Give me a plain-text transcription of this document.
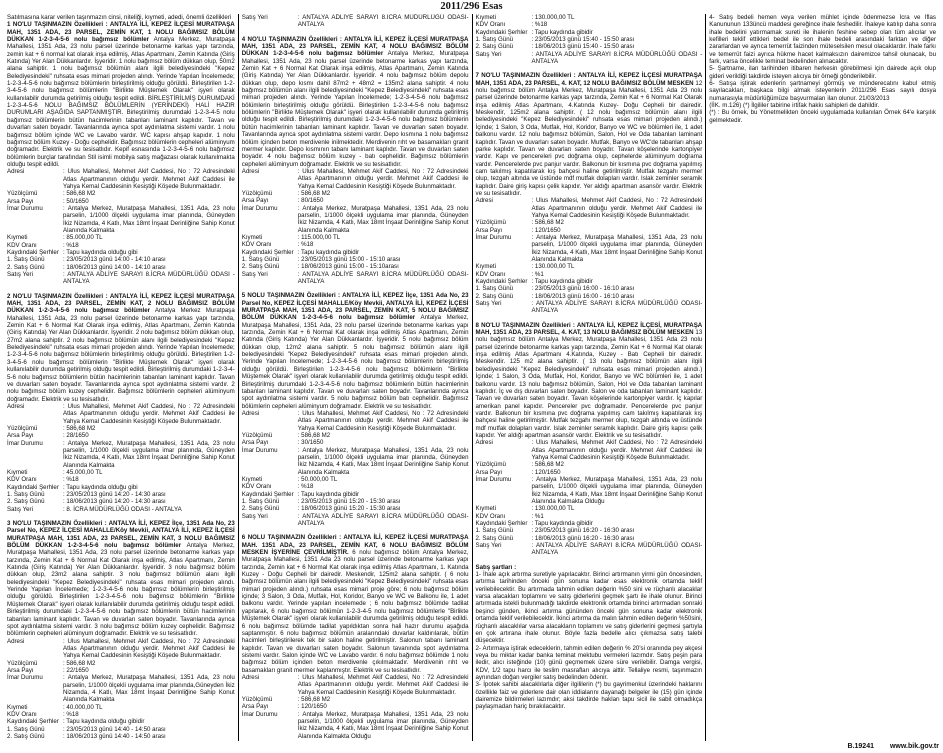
2011/296 Esas

Satılmasına karar verilen taşınmazın cinsi, niteliği, kıymeti, adedi, önemli özellikleri

1 NO'LU TAŞINMAZIN Özellikleri : ANTALYA İLİ, KEPEZ İLÇESİ MURATPAŞA MAH, 1351 ADA, 23 PARSEL, ZEMİN KAT, 1 NOLU BAĞIMSIZ BÖLÜM DÜKKAN 1-2-3-4-5-6 nolu bağımsız bölümler Antalya Merkez, Muratpaşa Mahallesi, 1351 Ada, 23 nolu parsel üzerinde betonarme karkas yapı tarzında, zemin kat + 6 normal kat olarak inşa edilmiş, Atlas Apartmanı, Zemin Katında (Giriş Katında) Yer Alan Dükkanlardır. İşyeridir. 1 nolu bağımsız bölüm dükkan olup, 50m2 alana sahiptir. 1 nolu bağımsız bölümün alanı ilgili belediyesindeki "Kepez Belediyesindeki" ruhsata esas mimari projeden alındı. Yerinde Yapılan İncelemede; 1-2-3-4-5-6 nolu bağımsız bölümlerin birleştirilmiş olduğu görüldü. Birleştirilen 1-2-3-4-5-6 nolu bağımsız bölümlerin "Birlikte Müştemek Olarak" işyeri olarak kullanılabilir durumda getirilmiş olduğu tespit edildi. BİRLEŞTİRİLMİŞ DURUMDAKİ 1-2-3-4-5-6 NOLU BAĞIMSIZ BÖLÜMLERİN (YERİNDEKİ) HALİ HAZIR DURUMLARI AŞAĞIDA SAPTANMIŞTIR. Birleştirilmiş durumdaki 1-2-3-4-5 nolu bağımsız bölümlerin bütün hacimlerinin tabanları laminant kaplıdır. Tavan ve duvarları saten boyadır. Tavanlarında ayrıca spot aydınlatma sistemi vardır. 1 nolu bağımsız bölüm içinde WC ve Lavabo vardır. WC kapısı ahşap kapıdır. 1 nolu bağımsız bölüm Kuzey - Doğu cephelidir. Bağımsız bölümlerin cepheleri alüminyum doğramadır. Elektrik ve su tesisatlıdır. Kepif esnasında 1-2-3-4-5-6 nolu bağımsız bölümlerin burçlar tarafından Stil isimli mobilya satış mağazası olarak kullanılmakta olduğu tespit edildi.

Adresi	: Ulus Mahallesi, Mehmet Akif Caddesi, No : 72 Adresindeki Atlas Apartmanının olduğu yerdir. Mehmet Akif Caddesi ile Yahya Kemal Caddesinin Kesiştiği Köşede Bulunmaktadır.
Yüzölçümü	: 586,68 M2
Arsa Payı	: 50/1650
İmar Durumu	: Antalya Merkez, Muratpaşa Mahallesi, 1351 Ada, 23 nolu parselin, 1/1000 ölçekli uygulama imar planında, Güneyden İkiz Nizamda, 4 Katlı, Max 18mt İnşaat Derinliğine Sahip Konut Alanında Kalmakta
Kıymeti	: 85.000,00 TL
KDV Oranı	: %18
Kaydındaki Şerhler : Tapu kaydında olduğu gibi
1. Satış Günü	: 23/05/2013 günü 14:00 - 14:10 arası
2. Satış Günü	: 18/06/2013 günü 14:00 - 14:10 arası
Satış Yeri	: ANTALYA ADLİYE SARAYI 8.İCRA MÜDÜRLÜĞÜ ODASI - ANTALYA

2 NO'LU TAŞINMAZIN Özellikleri : ANTALYA İLİ, KEPEZ İLÇESİ MURATPAŞA MAH, 1351 ADA, 23 PARSEL, ZEMİN KAT, 2 NOLU BAĞIMSIZ BÖLÜM DÜKKAN 1-2-3-4-5-6 nolu bağımsız bölümler Antalya Merkez Muratpaşa Mahallesi, 1351 Ada, 23 nolu parsel üzerinde betonarme karkas yapı tarzında, Zemin Kat + 6 Normal Kat Olarak inşa edilmiş, Atlas Apartmanı, Zemin Katında (Giriş Katında) Yer Alan Dükkanlardır. İşyeridir. 2 nolu bağımsız bölüm dükkan olup, 27m2 alana sahiptir. 2 nolu bağımsız bölümün alanı ilgili belediyesindeki "Kepez Belediyesindeki" ruhsata esas mimari projeden alındı. Yerinde Yapılan İncelemede; 1-2-3-4-5-6 nolu bağımsız bölümlerin birleştirilmiş olduğu görüldü. Birleştirilen 1-2-3-4-5-6 nolu bağımsız bölümlerin "Birlikte Müştemek Olarak" işyeri olarak kullanılabilir durumda getirilmiş olduğu tespit edildi. Birleştirilmiş durumdaki 1-2-3-4-5-6 nolu bağımsız bölümlerin bütün hacimlerinin tabanları laminant kaplıdır. Tavan ve duvarları saten boyadır. Tavanlarında ayrıca spot aydınlatma sistemi vardır. 2 nolu bağımsız bölüm kuzey cephelidir. Bağımsız bölümlerin cepheleri alüminyum doğramadır. Elektrik ve su tesisatlıdır.

Adresi	: Ulus Mahallesi, Mehmet Akif Caddesi, No : 72 Adresindeki Atlas Apartmanının olduğu yerdir. Mehmet Akif Caddesi ile Yahya Kemal Caddesinin Kesiştiği Köşede Bulunmaktadır.
Yüzölçümü	: 586,68 M2
Arsa Payı	: 28/1650
İmar Durumu	: Antalya Merkez, Muratpaşa Mahallesi, 1351 Ada, 23 nolu parselin, 1/1000 ölçekli uygulama imar planında, Güneyden İkiz Nizamda, 4 Katlı, Max 18mt İnşaat Derinliğine Sahip Konut Alanında Kalmakta
Kıymeti	: 45.000,00 TL
KDV Oranı	: %18
Kaydındaki Şerhler : Tapu kaydında olduğu gibi
1. Satış Günü	: 23/05/2013 günü 14:20 - 14:30 arası
2. Satış Günü	: 18/06/2013 günü 14:20 - 14:30 arası
Satış Yeri	: 8. İCRA MÜDÜRLÜĞÜ ODASI - ANTALYA

3 NO'LU TAŞINMAZIN Özellikleri : ANTALYA İLİ, KEPEZ İlçe, 1351 Ada No, 23 Parsel No, KEPEZ İLÇESİ MAHALLE/Köy Mevkii, ANTALYA İLİ, KEPEZ İLÇESİ MURATPAŞA MAH, 1351 ADA, 23 PARSEL, ZEMİN KAT, 3 NOLU BAĞIMSIZ BÖLÜM DÜKKAN 1-2-3-4-5-6 nolu bağımsız bölümler Antalya Merkez, Muratpaşa Mahallesi, 1351 Ada, 23 nolu parsel üzerinde betonarme karkas yapı tarzında, Zemin Kat + 6 Normal Kat Olarak inşa edilmiş, Atlas Apartmanı, Zemin Katında (Giriş Katında) Yer Alan Dükkanlardır. İşyeridir. 3 nolu bağımsız bölüm dükkan olup, 23m2 alana sahiptir. 3 nolu bağımsız bölümün alanı ilgili belediyesindeki "Kepez Belediyesindeki" ruhsata esas mimari projeden alındı. Yerinde Yapılan İncelemede; 1-2-3-4-5-6 nolu bağımsız bölümlerin birleştirilmiş olduğu görüldü. Birleştirilen 1-2-3-4-5-6 nolu bağımsız bölümlerin "Birlikte Müştemek Olarak" işyeri olarak kullanılabilir durumda getirilmiş olduğu tespit edildi. Birleştirilmiş durumdaki 1-2-3-4-5-6 nolu bağımsız bölümlerin bütün hacimlerinin tabanları laminant kaplıdır. Tavan ve duvarları saten boyadır. Tavanlarında ayrıca spot aydınlatma sistemi vardır. 3 nolu bağımsız bölüm kuzey cephelidir. Bağımsız bölümlerin cepheleri alüminyum doğramadır. Elektrik ve su tesisatlıdır.

Adresi	: Ulus Mahallesi, Mehmet Akif Caddesi, No : 72 Adresindeki Atlas Apartmanının olduğu yerdir. Mehmet Akif Caddesi ile Yahya Kemal Caddesinin Kesiştiği Köşede Bulunmaktadır.
Yüzölçümü	: 586,68 M2
Arsa Payı	: 22/1650
İmar Durumu	: Antalya Merkez, Muratpaşa Mahallesi, 1351 Ada, 23 nolu parselin, 1/1000 ölçekli uygulama imar planında,Güneyden İkiz Nizamda, 4 Katlı, Max 18mt İnşaat Derinliğine Sahip Konut Alanında Kalmakta
Kıymeti	: 40.000,00 TL
KDV Oranı	: %18
Kaydındaki Şerhler : Tapu kaydında olduğu gibidir
1. Satış Günü	: 23/05/2013 günü 14:40 - 14:50 arası
2. Satış Günü	: 18/06/2013 günü 14:40 - 14:50 arası
Satış Yeri	: ANTALYA ADLİYE SARAYI 8.İCRA MÜDÜRLÜĞÜ ODASI-ANTALYA

4 NO'LU TAŞINMAZIN Özellikleri : ANTALYA İLİ, KEPEZ İLÇESİ MURATPAŞA MAH, 1351 ADA, 23 PARSEL, ZEMİN KAT, 4 NOLU BAĞIMSIZ BÖLÜM DÜKKAN 1-2-3-4-5-6 nolu bağımsız bölümler Antalya Merkez, Muratpaşa Mahallesi, 1351 Ada, 23 nolu parsel üzerinde betonarme karkas yapı tarzında, Zemin Kat + 6 Normal Kat Olarak inşa edilmiş, Atlas Apartmanı, Zemin Katında (Giriş Katında) Yer Alan Dükkanlardır. İşyeridir. 4 nolu bağımsız bölüm depolu dükkan olup, depo kısmı dahil 87m2 + 48m2 = 135m2 alana sahiptir. 4 nolu bağımsız bölümün alanı ilgili belediyesindeki "Kepez Belediyesindeki" ruhsata esas mimari projeden alındı. Yerinde Yapılan İncelemede; 1-2-3-4-5-6 nolu bağımsız bölümlerin birleştirilmiş olduğu görüldü. Birleştirilen 1-2-3-4-5-6 nolu bağımsız bölümlerin "Birlikte Müştemek Olarak" işyeri olarak kullanılabilir durumda getirilmiş olduğu tespit edildi. Birleştirilmiş durumdaki 1-2-3-4-5-6 nolu bağımsız bölümlerin bütün hacimlerinin tabanları laminant kaplıdır. Tavan ve duvarları saten boyadır. Tavanlarında ayrıca spot aydınlatma sistemi vardır. Depo kısmına 1 nolu bağımsız bölüm içinden beton merdivenle inilmektedir. Merdivenin rıht ve basamakları granit mermer kaplıdır. Depo kısmının tabanı laminant kaplıdır. Tavan ve duvarları saten boyadır. 4 nolu bağımsız bölüm kuzey - batı cephelidir. Bağımsız bölümlerin cepheleri alüminyum doğramadır. Elektrik ve su tesisatlıdır.

Adresi	: Ulus Mahallesi, Mehmet Akif Caddesi, No : 72 Adresindeki Atlas Apartmanının olduğu yerdir. Mehmet Akif Caddesi ile Yahya Kemal Caddesinin Kesiştiği Köşede Bulunmaktadır.
Yüzölçümü	: 586,68 M2
Arsa Payı	: 80/1650
İmar Durumu	: Antalya Merkez, Muratpaşa Mahallesi, 1351 Ada, 23 nolu parselin, 1/1000 ölçekli uygulama imar planında, Güneyden İkiz Nizamda, 4 Katlı, Max 18mt İnşaat Derinliğine Sahip Konut Alanında Kalmakta
Kıymeti	: 115.000,00 TL
KDV Oranı	: %18
Kaydındaki Şerhler : Tapu kaydında gibidir
1. Satış Günü	: 23/05/2013 günü 15:00 - 15:10 arası
2. Satış Günü	: 18/06/2013 günü 15:00 - 15:10arası
Satış Yeri	: ANTALYA ADLİYE SARAYI 8.İCRA MÜDÜRLÜĞÜ ODASI-ANTALYA

5 NOLU TAŞINMAZIN Özellikleri : ANTALYA İLİ, KEPEZ İlçe, 1351 Ada No, 23 Parsel No, KEPEZ İLÇESİ MAHALLE/Köy Mevkii, ANTALYA İLİ, KEPEZ İLÇESİ MURATPAŞA MAH, 1351 ADA, 23 PARSEL, ZEMİN KAT, 5 NOLU BAĞIMSIZ BÖLÜM DÜKKAN 1-2-3-4-5-6 nolu bağımsız bölümler Antalya Merkez, Muratpaşa Mahallesi, 1351 Ada, 23 nolu parsel üzerinde betonarme karkas yapı tarzında, Zemin Kat + 6 Normal Kat olarak inşa edilmiş Atlas Apartmanı, Zemin Katında (Giriş Katında) Yer Alan Dükkanlardır. İşyeridir. 5 nolu bağımsız bölüm dükkan olup, 12m2 alana sahiptir. 5 nolu bağımsız bölümün alanı ilgili belediyesindeki "Kepez Belediyesindeki" ruhsata esas mimari projeden alındı. Yerinde Yapılan İncelemede; 1-2-3-4-5-6 nolu bağımsız bölümlerin birleştirilmiş olduğu görüldü. Birleştirilen 1-2-3-4-5-6 nolu bağımsız bölümlerin "Birlikte Müştemek Olarak" işyeri olarak kullanılabilir durumda getirilmiş olduğu tespit edildi. Birleştirilmiş durumdaki 1-2-3-4-5-6 nolu bağımsız bölümlerin bütün hacimlerinin tabanları laminant kaplıdır. Tavan ve duvarları saten boyadır. Tavanlarında ayrıca spot aydınlatma sistemi vardır. 5 nolu bağımsız bölüm batı cephelidir. Bağımsız bölümlerin cepheleri alüminyum doğramadır. Elektrik ve su tesisatlıdır.

Adresi	: Ulus Mahallesi, Mehmet Akif Caddesi, No : 72 Adresindeki Atlas Apartmanının olduğu yerdir. Mehmet Akif Caddesi ile Yahya Kemal Caddesinin Kesiştiği Köşede Bulunmaktadır.
Yüzölçümü	: 586,68 M2
Arsa Payı	: 30/1650
İmar Durumu	: Antalya Merkez, Muratpaşa Mahallesi, 1351 Ada, 23 nolu parselin, 1/1000 ölçekli uygulama imar planında, Güneyden İkiz Nizamda, 4 Katlı, Max 18mt İnşaat Derinliğine Sahip Konut Alanında Kalmakta
Kıymeti	: 50.000,00 TL
KDV Oranı	: %18
Kaydındaki Şerhler : Tapu kaydında gibidir
1. Satış Günü	: 23/05/2013 günü 15:20 - 15:30 arası
2. Satış Günü	: 18/06/2013 günü 15:20 - 15:30 arası
Satış Yeri	: ANTALYA ADLİYE SARAYI 8.İCRA MÜDÜRLÜĞÜ ODASI-ANTALYA

6 NOLU TAŞINMAZIN Özellikleri : ANTALYA İLİ, KEPEZ İLÇESİ MURATPAŞA MAH. 1351 ADA, 23 PARSEL, ZEMİN KAT, 6 NOLU BAĞIMSIZ BÖLÜM MESKEN İŞYERİNE ÇEVRİLMİŞTİR. 6 nolu bağımsız bölüm Antalya Merkez, Muratpaşa Mahallesi, 1351 Ada 23 nolu parsel üzerinde betonarme karkas yapı tarzında, Zemin kat + 6 Normal Kat olarak inşa edilmiş Atlas Apartmanı, 1. Katında Kuzey - Doğu Cepheli bir dairedir. Meskendir, 125m2 alana sahiptir. ( 6 nolu bağımsız bölümün alanı ilgili belediyesindeki "Kepez Belediyesindeki" ruhsata esas mimari projeden alındı.) ruhsata esas mimari proje göre; 6 nolu bağımsız bölüm içinde; 3 Salon, 3 Oda, Mutfak, Hol, Koridor, Banyo ve WC ve Balkonu ile, 1 adet balkonu vardır. Yerinde yapılan incelemede ; 6 nolu bağımsız bölümde tadilat yapılarak, 6 nolu bağımsız bölümün 1-2-3-4-5 nolu bağımsız bölümlerle "Birlikte Müştemek Olarak" işyeri olarak kullanılabilir durumda getirilmiş olduğu tespit edildi. 6 nolu bağımsız bölümde tadilat yapıldıktan sonra hali hazır durumu aşağıda saptanmıştır. 6 nolu bağımsız bölümün aralarındaki duvarlar kaldırılarak, bütün hacimleri birleştirilerek tek bir salon haline getirilmiştir. Salonun tabanı laminant kaplıdır. Tavan ve duvarları saten boyadır. Salonun tavanında spot aydınlatma sistemi vardır. Salon içinde WC ve Lavabo vardır. 6 nolu bağımsız bölümde 1 nolu bağımsız bölüm içinden beton merdivenle çıkılmaktadır. Merdivenin rıht ve basamakları granit mermer kaplanmıştır. Elektrik ve su tesisatlıdır.

Adresi	: Ulus Mahallesi, Mehmet Akif Caddesi, No : 72 Adresindeki Atlas Apartmanının olduğu yerdir. Mehmet Akif Caddesi ile Yahya Kemal Caddesinin Kesiştiği Köşede Bulunmaktadır.
Yüzölçümü	: 586,68 M2
Arsa Payı	: 120/1650
İmar Durumu	: Antalya Merkez, Muratpaşa Mahallesi, 1351 Ada, 23 nolu parselin, 1/1000 ölçekli uygulama imar planında, Güneyden İkiz Nizamda, 4 Katlı, Max 18mt İnşaat Derinliğine Sahip Konut Alanında Kalmakta Olduğu
Kıymeti	: 130.000,00 TL
KDV Oranı	: %18
Kaydındaki Şerhler : Tapu kaydında gibidir
1. Satış Günü	: 23/05/2013 günü 15:40 - 15:50 arası
2. Satış Günü	: 18/06/2013 günü 15:40 - 15:50 arası
Satış Yeri	: ANTALYA ADLİYE SARAYI 8.İCRA MÜDÜRLÜĞÜ ODASI - ANTALYA

7 NO'LU TAŞINMAZIN Özellikleri : ANTALYA İLİ, KEPEZ İLÇESİ MURATPAŞA MAH, 1351 ADA, 23 PARSEL, 4. KAT, 12 NOLU BAĞIMSIZ BÖLÜM MESKEN 12 nolu bağımsız bölüm Antalya Merkez, Muratpaşa Mahallesi, 1351 Ada 23 nolu parsel üzerinde betonarme karkas yapı tarzında, Zemin Kat + 6 Normal Kat Olarak inşa edilmiş Atlas Apartmanı, 4.Katında Kuzey- Doğu Cepheli bir dairedir. Meskendir, 125m2 alana sahiptir. ( 12 nolu bağımsız bölümün alanı ilgili belediyesindeki "Kepez Belediyesindeki" ruhsata esas mimari projeden alındı.) İçinde; 1 Salon, 3 Oda, Mutfak, Hol, Koridor, Banyo ve WC ve bölümleri ile, 1 adet balkonu vardır. 12 nolu bağımsız bölümün, Salon, Hol ve Oda tabanları laminant kaplıdır. Tavan ve duvarları saten boyadır. Mutfak, Banyo ve WC'de tabanları ahşap parke kaplıdır. Tavan ve duvarları saten boyadır. Tavan köşelerinde kartonpiyer vardır. Kapı ve pencereleri pvc doğrama olup, cephelerde alüminyum doğrama vardır. Pencerelerde pvc panjur vardır. Balkonun bir kısmına pvc doğrama yapılmış cam takılmış kapatılarak kış bahçesi haline getirilmiştir. Mutfak tezgahı mermer olup, tezgah altında ve üstünde mdf mutfak dolapları vardır. Islak zeminler seramik kaplıdır. Daire giriş kapısı çelik kapıdır. Yer aldığı apartman asansör vardır. Elektrik ve su tesisatlıdır.

Adresi	: Ulus Mahallesi, Mehmet Akif Caddesi, No : 72 Adresindeki Atlas Apartmanının olduğu yerdir. Mehmet Akif Caddesi ile Yahya Kemal Caddesinin Kesiştiği Köşede Bulunmaktadır.
Yüzölçümü	: 586,68 M2
Arsa Payı	: 120/1650
İmar Durumu	: Antalya Merkez, Muratpaşa Mahallesi, 1351 Ada, 23 nolu parselin, 1/1000 ölçekli uygulama imar planında, Güneyden İkiz Nizamda, 4 Katlı, Max 18mt İnşaat Derinliğine Sahip Konut Alanında Kalmakta
Kıymeti	: 130.000,00 TL
KDV Oranı	: %1
Kaydındaki Şerhler : Tapu kaydında gibidir
1. Satış Günü	: 23/05/2013 günü 16:00 - 16:10 arası
2. Satış Günü	: 18/06/2013 günü 16:00 - 16:10 arası
Satış Yeri	: ANTALYA ADLİYE SARAYI 8.İCRA MÜDÜRLÜĞÜ ODASI-ANTALYA

8 NO'LU TAŞINMAZIN Özellikleri : ANTALYA İLİ, KEPEZ İLÇESİ, MURATPAŞA MAH, 1351 ADA, 23 PARSEL, 4. KAT, 13 NOLU BAĞIMSIZ BÖLÜM MESKEN 13 nolu bağımsız bölüm Antalya Merkez, Muratpaşa Mahallesi, 1351 Ada 23 nolu parsel üzerinde betonarme karkas yapı tarzında, Zemin Kat + 6 Normal Kat olarak inşa edilmiş Atlas Apartmanı 4.Katında, Kuzey - Batı Cepheli bir dairedir. Meskendir. 125 m2 alana sahiptir. ( 13 nolu bağımsız bölümün alanı ilgili belediyesindeki "Kepez Belediyesindeki" ruhsata esas mimari projeden alındı.) İçinde; 1 Salon, 3 Oda, Mutfak, Hol, Koridor, Banyo ve WC bölümleri ile, 1 adet balkonu vardır. 13 nolu bağımsız bölümün, Salon, Hol ve Oda tabanları laminant kaplıdır. İç ve dış duvarları saten boyadır. Salon ve oda tabanları laminant kaplıdır. Tavan ve duvarları saten boyadır. Tavan köşelerinde kartonpiyer vardır. İç kapılar amerikan panel kapıdır. Pencereler pvc doğramadır. Pencerelerde pvc panjur vardır. Balkonun bir kısmına pvc doğrama yapılmış cam takılmış kapatılarak kış bahçesi haline getirilmiştir. Mutfak tezgahı mermer olup, tezgah altında ve üstünde mdf mutfak dolapları vardır. Islak zeminler seramik kaplıdır. Daire giriş kapısı çelik kapıdır. Yer aldığı apartman asansör vardır. Elektrik ve su tesisatlıdır.

Adresi	: Ulus Mahallesi, Mehmet Akif Caddesi, No : 72 Adresindeki Atlas Apartmanının olduğu yerdir. Mehmet Akif Caddesi ile Yahya Kemal Caddesinin Kesiştiği Köşede Bulunmaktadır.
Yüzölçümü	: 586,68 M2
Arsa Payı	: 120/1650
İmar Durumu	: Antalya Merkez, Muratpaşa Mahallesi, 1351 Ada, 23 nolu parselin, 1/1000 ölçekli uygulama imar planında, Güneyden İkiz Nizamda, 4 Katlı, Max 18mt İnşaat Derinliğine Sahip Konut Alanında Kalmakta Olduğu
Kıymeti	: 130.000,00 TL
KDV Oranı	: %1
Kaydındaki Şerhler : Tapu kaydında gibidir
1. Satış Günü	: 23/05/2013 günü 16:20 - 16:30 arası
2. Satış Günü	: 18/06/2013 günü 16:20 - 16:30 arası
Satış Yeri	: ANTALYA ADLİYE SARAYI 8.İCRA MÜDÜRLÜĞÜ ODASI-ANTALYA

Satış şartları :

1- İhale açık artırma suretiyle yapılacaktır. Birinci artırmanın yirmi gün öncesinden, artırma tarihinden önceki gün sonuna kadar esas elektronik ortamda teklif verilebilecektir. Bu artırmada tahmin edilen değerin %50 sini ve rüçhanlı alacaklar varsa alacakları toplamını ve satış giderlerini geçmek şartı ile ihale olunur. Birinci artırmada istekli bulunmadığı takdirde elektronik ortamda birinci artırmadan sonraki beşinci günden, ikinci artırma gününden önceki gün sonuna kadar elektronik ortamda teklif verilebilecektir. İkinci artırma da malın tahmin edilen değerin %50sini, rüçhanlı alacaklılar varsa alacakların toplamını ve satış giderlerini geçmesi şartıyla en çok artırana ihale olunur. Böyle fazla bedelle alıcı çıkmazsa satış talebi düşecektir.

2- Artırmaya iştirak edeceklerin, tahmin edilen değerin % 20'si oranında pey akçesi veya bu miktar kadar banka teminat mektubu vermeleri lazımdır. Satış peşin para iledir, alıcı isteğinde (10) günü geçmemek üzere süre verilebilir. Damga vergisi, KDV, 1/2 tapu harcı ile teslim masrafları alıcıya aittir. Tellaliye resmi, taşınmazın aynından doğan vergiler satış bedelinden ödenir.

3- İpotek sahibi alacaklılarla diğer ilgililerin (*) bu gayrimenkul üzerindeki haklarını özellikle faiz ve giderlere dair olan iddialarını dayanağı belgeler ile (15) gün içinde dairemize bildirmeleri lazımdır; aksi takdirde hakları tapu sicil ile sabit olmadıkça paylaşmadan hariç bırakılacaktır.

4- Satış bedeli hemen veya verilen mühlet içinde ödenmezse İcra ve İflas Kanununun 133üncü maddesi gereğince ihale feshedilir. İhaleye katılıp daha sonra ihale bedelini yatırmamak sureti ile ihalenin feshine sebep olan tüm alıcılar ve kefilleri teklif ettikleri bedel ile son ihale bedeli arasındaki farktan ve diğer zararlardan ve ayrıca temerrüt faizinden müteselsilen mesul olacaklardır. İhale farkı ve temerrüt faizi ayrıca hükme hacet kalmaksızın dairemizce tahsil olunacak, bu fark, varsa öncelikle teminat bedelinden alınacaktır.

5- Şartname, ilan tarihinden itibaren herkesin görebilmesi için dairede açık olup gideri verildiği takdirde isteyen alıcıya bir örneği gönderilebilir.

6- Satışa iştirak edenlerin şartnameyi görmüş ve münderecatını kabul etmiş sayılacakları, başkaca bilgi almak isteyenlerin 2011/296 Esas sayılı dosya numarasıyla müdürlüğümüze başvurmaları ilan olunur. 21/03/2013

(İİK. m.126) (*) İlgililer tabirine irtifak hakkı sahipleri de dahildir.

(*) : Bu örnek, bu Yönetmelikten önceki uygulamada kullanılan Örnek 64'e karşılık gelmektedir.

www.bik.gov.tr
B.19241
